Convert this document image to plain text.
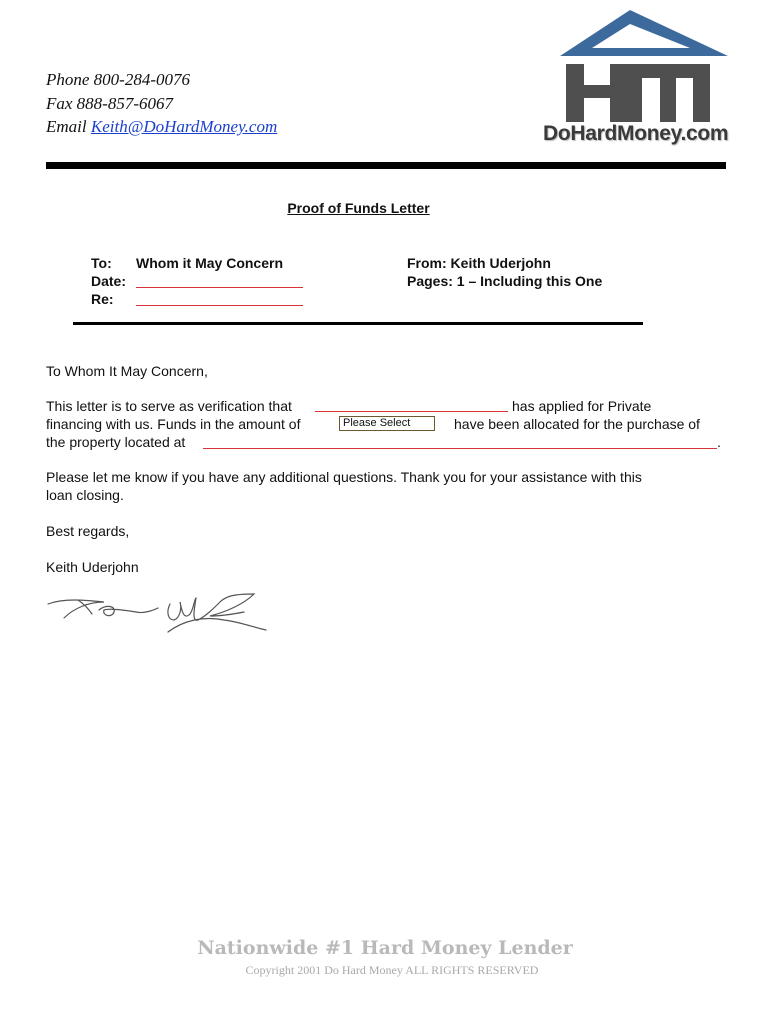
Phone 800-284-0076
Fax 888-857-6067
Email Keith@DoHardMoney.com	DoHardMoney.com
Proof of Funds Letter
To: Whom it May Concern
Date:
Re:
From: Keith Uderjohn
Pages: 1 – Including this One
To Whom It May Concern,
This letter is to serve as verification that	has applied for Private
financing with us. Funds in the amount of	Please Select	have been allocated for the purchase of
the property located at	.
Please let me know if you have any additional questions. Thank you for your assistance with this
loan closing.
Best regards,
Keith Uderjohn
Nationwide #1 Hard Money Lender
Copyright 2001 Do Hard Money ALL RIGHTS RESERVED
